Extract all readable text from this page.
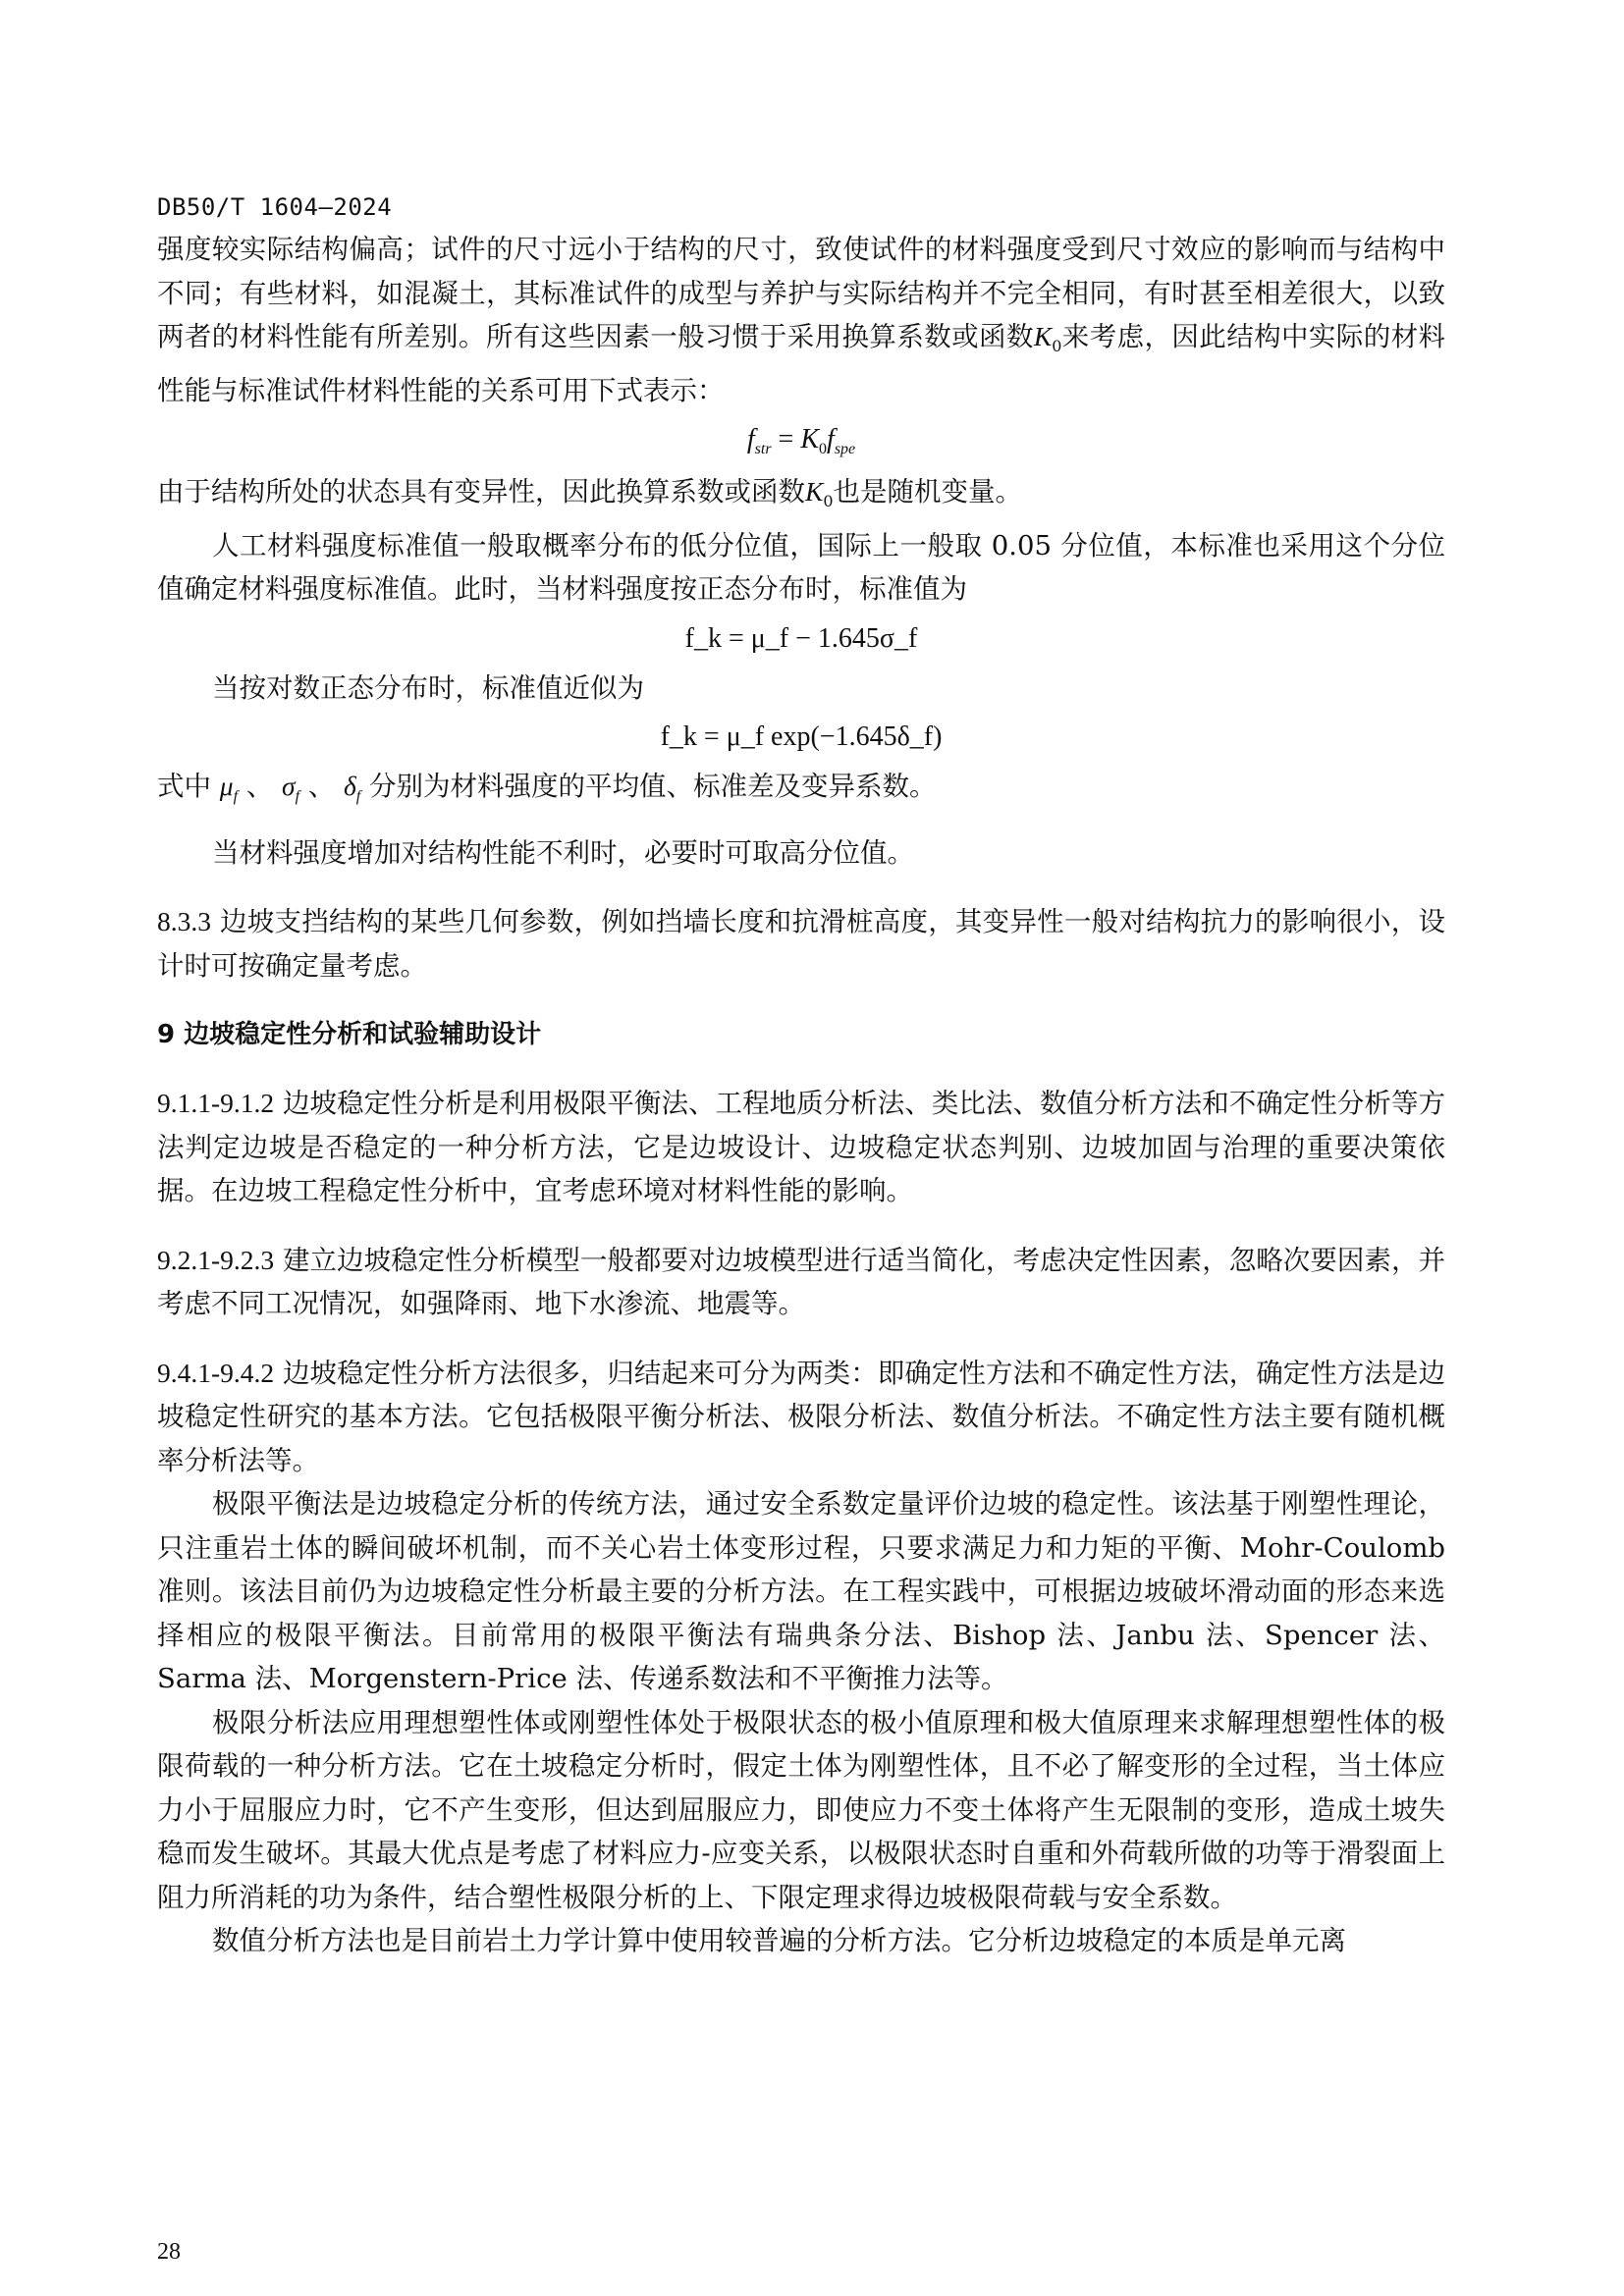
DB50/T 1604—2024

强度较实际结构偏高；试件的尺寸远小于结构的尺寸，致使试件的材料强度受到尺寸效应的影响而与结构中不同；有些材料，如混凝土，其标准试件的成型与养护与实际结构并不完全相同，有时甚至相差很大，以致两者的材料性能有所差别。所有这些因素一般习惯于采用换算系数或函数$K_0$来考虑，因此结构中实际的材料性能与标准试件材料性能的关系可用下式表示：

$f_{str} = K_0f_{spe}$

由于结构所处的状态具有变异性，因此换算系数或函数$K_0$也是随机变量。

人工材料强度标准值一般取概率分布的低分位值，国际上一般取 0.05 分位值，本标准也采用这个分位值确定材料强度标准值。此时，当材料强度按正态分布时，标准值为

f_k = μ_f − 1.645σ_f

当按对数正态分布时，标准值近似为

f_k = μ_f exp(−1.645δ_f)

式中 $\mu_f$ 、 $\sigma_f$ 、 $\delta_f$ 分别为材料强度的平均值、标准差及变异系数。

当材料强度增加对结构性能不利时，必要时可取高分位值。

8.3.3 边坡支挡结构的某些几何参数，例如挡墙长度和抗滑桩高度，其变异性一般对结构抗力的影响很小，设计时可按确定量考虑。

9 边坡稳定性分析和试验辅助设计

9.1.1-9.1.2 边坡稳定性分析是利用极限平衡法、工程地质分析法、类比法、数值分析方法和不确定性分析等方法判定边坡是否稳定的一种分析方法，它是边坡设计、边坡稳定状态判别、边坡加固与治理的重要决策依据。在边坡工程稳定性分析中，宜考虑环境对材料性能的影响。

9.2.1-9.2.3 建立边坡稳定性分析模型一般都要对边坡模型进行适当简化，考虑决定性因素，忽略次要因素，并考虑不同工况情况，如强降雨、地下水渗流、地震等。

9.4.1-9.4.2 边坡稳定性分析方法很多，归结起来可分为两类：即确定性方法和不确定性方法，确定性方法是边坡稳定性研究的基本方法。它包括极限平衡分析法、极限分析法、数值分析法。不确定性方法主要有随机概率分析法等。

极限平衡法是边坡稳定分析的传统方法，通过安全系数定量评价边坡的稳定性。该法基于刚塑性理论，只注重岩土体的瞬间破坏机制，而不关心岩土体变形过程，只要求满足力和力矩的平衡、Mohr-Coulomb 准则。该法目前仍为边坡稳定性分析最主要的分析方法。在工程实践中，可根据边坡破坏滑动面的形态来选择相应的极限平衡法。目前常用的极限平衡法有瑞典条分法、Bishop 法、Janbu 法、Spencer 法、Sarma 法、Morgenstern-Price 法、传递系数法和不平衡推力法等。

极限分析法应用理想塑性体或刚塑性体处于极限状态的极小值原理和极大值原理来求解理想塑性体的极限荷载的一种分析方法。它在土坡稳定分析时，假定土体为刚塑性体，且不必了解变形的全过程，当土体应力小于屈服应力时，它不产生变形，但达到屈服应力，即使应力不变土体将产生无限制的变形，造成土坡失稳而发生破坏。其最大优点是考虑了材料应力-应变关系，以极限状态时自重和外荷载所做的功等于滑裂面上阻力所消耗的功为条件，结合塑性极限分析的上、下限定理求得边坡极限荷载与安全系数。

数值分析方法也是目前岩土力学计算中使用较普遍的分析方法。它分析边坡稳定的本质是单元离

28
